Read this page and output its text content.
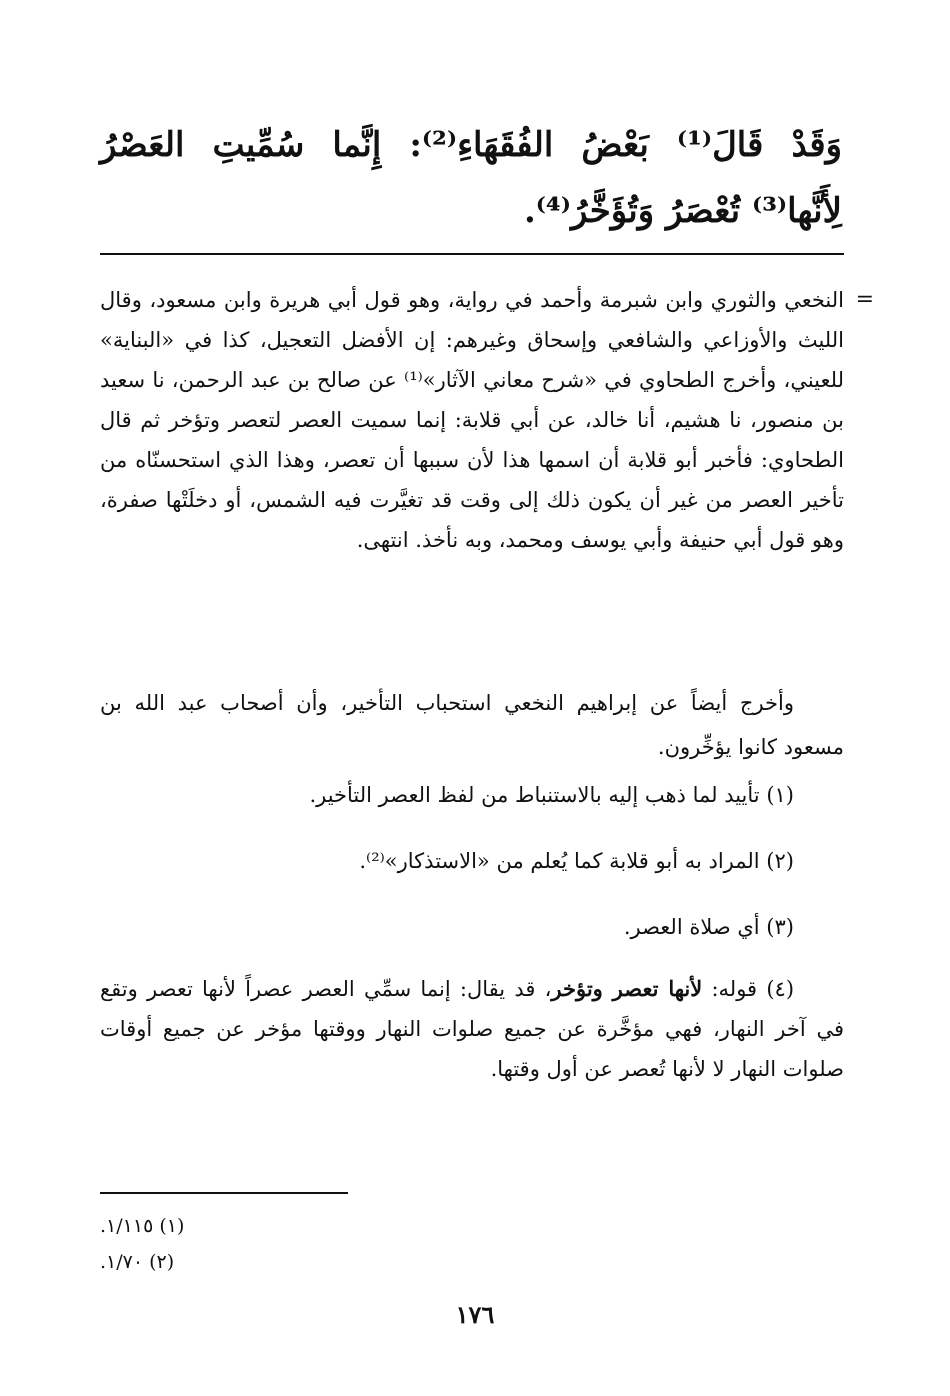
وَقَدْ قَالَ⁽¹⁾ بَعْضُ الفُقَهَاءِ⁽²⁾: إِنَّما سُمِّيتِ العَصْرُ لِأَنَّها⁽³⁾ تُعْصَرُ وَتُؤَخَّرُ⁽⁴⁾.
=

النخعي والثوري وابن شبرمة وأحمد في رواية، وهو قول أبي هريرة وابن مسعود، وقال الليث والأوزاعي والشافعي وإسحاق وغيرهم: إن الأفضل التعجيل، كذا في «البناية» للعيني، وأخرج الطحاوي في «شرح معاني الآثار»⁽¹⁾ عن صالح بن عبد الرحمن، نا سعيد بن منصور، نا هشيم، أنا خالد، عن أبي قلابة: إنما سميت العصر لتعصر وتؤخر ثم قال الطحاوي: فأخبر أبو قلابة أن اسمها هذا لأن سببها أن تعصر، وهذا الذي استحسنّاه من تأخير العصر من غير أن يكون ذلك إلى وقت قد تغيَّرت فيه الشمس، أو دخلَتْها صفرة، وهو قول أبي حنيفة وأبي يوسف ومحمد، وبه نأخذ. انتهى.

وأخرج أيضاً عن إبراهيم النخعي استحباب التأخير، وأن أصحاب عبد الله بن مسعود كانوا يؤخِّرون.

(١) تأييد لما ذهب إليه بالاستنباط من لفظ العصر التأخير.

(٢) المراد به أبو قلابة كما يُعلم من «الاستذكار»⁽²⁾.

(٣) أي صلاة العصر.

(٤) قوله: لأنها تعصر وتؤخر، قد يقال: إنما سمِّي العصر عصراً لأنها تعصر وتقع في آخر النهار، فهي مؤخَّرة عن جميع صلوات النهار ووقتها مؤخر عن جميع أوقات صلوات النهار لا لأنها تُعصر عن أول وقتها.

(١) ١/١١٥.
(٢) ١/٧٠.
١٧٦
